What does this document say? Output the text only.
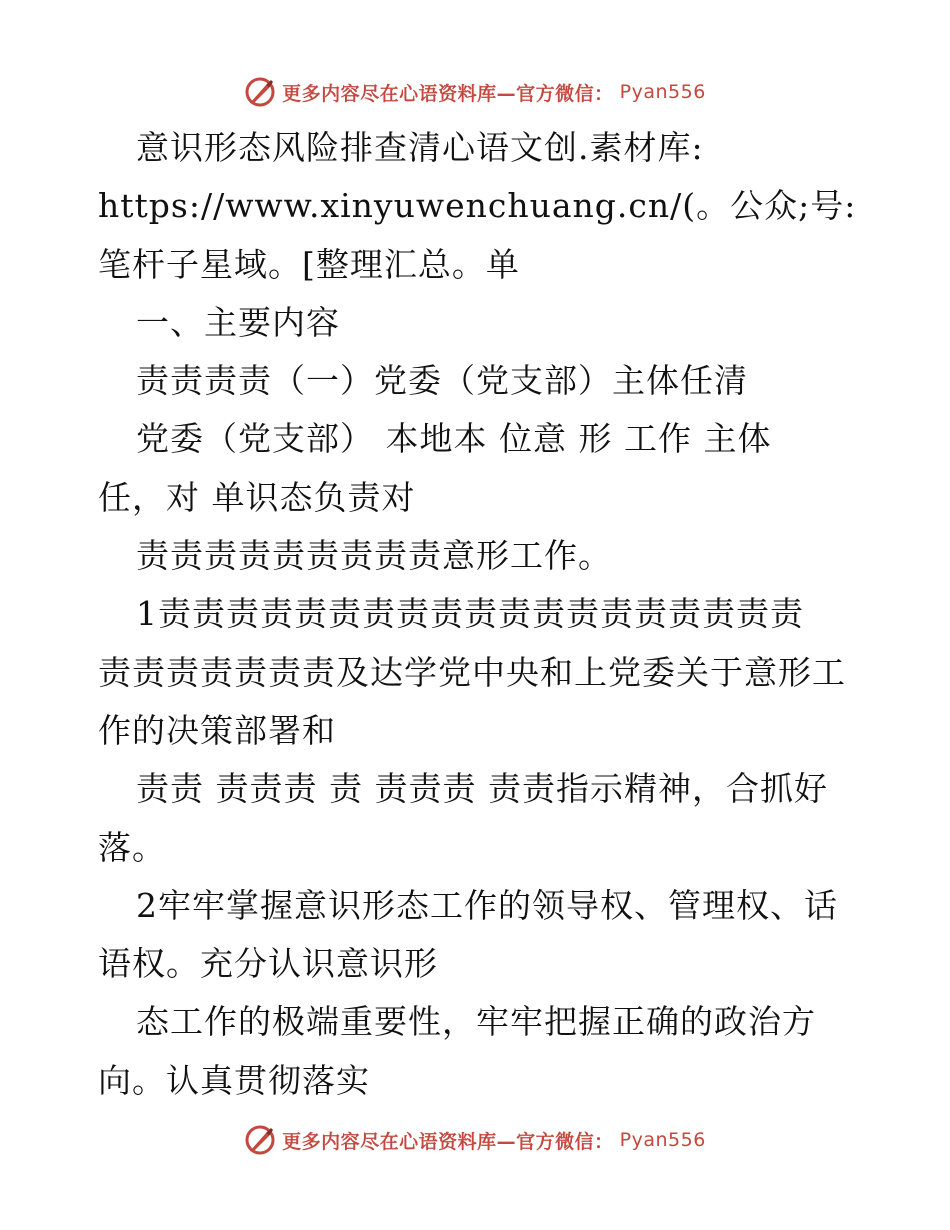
更多内容尽在心语资料库—官方微信： Pyan556
意识形态风险排查清心语文创.素材库:
https://www.xinyuwenchuang.cn/(。公众;号:
笔杆子星域。[整理汇总。单
一、主要内容
责责责责（一）党委（党支部）主体任清
党委（党支部） 本地本 位意 形 工作 主体
任，对 单识态负责对
责责责责责责责责责意形工作。
1责责责责责责责责责责责责责责责责责责责
责责责责责责责及达学党中央和上党委关于意形工
作的决策部署和
责责 责责责 责 责责责 责责指示精神，合抓好
落。
2牢牢掌握意识形态工作的领导权、管理权、话
语权。充分认识意识形
态工作的极端重要性，牢牢把握正确的政治方
向。认真贯彻落实
更多内容尽在心语资料库—官方微信： Pyan556
